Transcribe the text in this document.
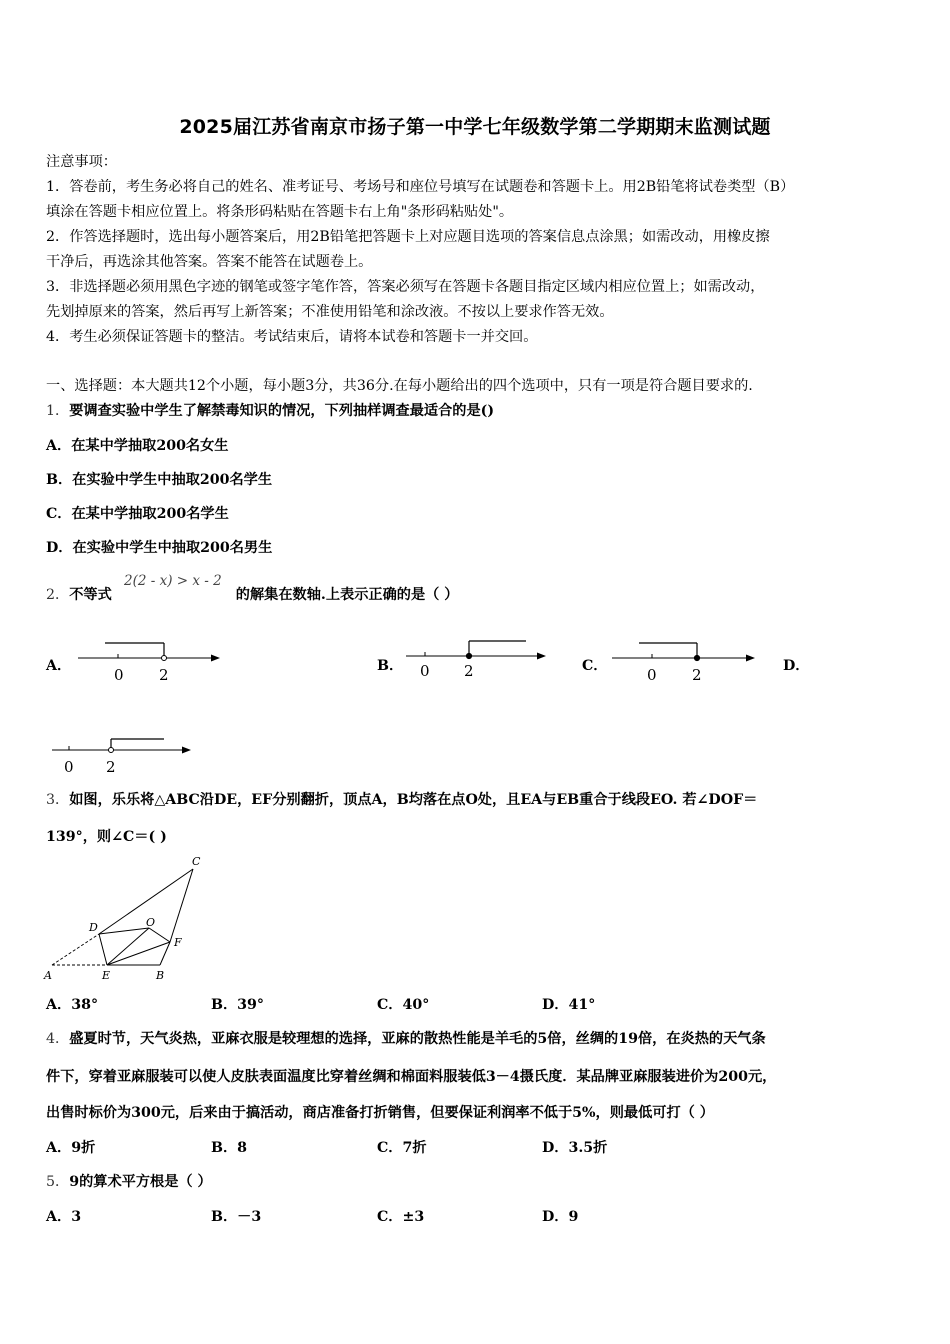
2025届江苏省南京市扬子第一中学七年级数学第二学期期末监测试题
注意事项：
1．答卷前，考生务必将自己的姓名、准考证号、考场号和座位号填写在试题卷和答题卡上。用2B铅笔将试卷类型（B）
填涂在答题卡相应位置上。将条形码粘贴在答题卡右上角"条形码粘贴处"。
2．作答选择题时，选出每小题答案后，用2B铅笔把答题卡上对应题目选项的答案信息点涂黑；如需改动，用橡皮擦
干净后，再选涂其他答案。答案不能答在试题卷上。
3．非选择题必须用黑色字迹的钢笔或签字笔作答，答案必须写在答题卡各题目指定区域内相应位置上；如需改动，
先划掉原来的答案，然后再写上新答案；不准使用铅笔和涂改液。不按以上要求作答无效。
4．考生必须保证答题卡的整洁。考试结束后，请将本试卷和答题卡一并交回。
一、选择题：本大题共12个小题，每小题3分，共36分.在每小题给出的四个选项中，只有一项是符合题目要求的.
1．要调查实验中学生了解禁毒知识的情况，下列抽样调查最适合的是()
A．在某中学抽取200名女生
B．在实验中学生中抽取200名学生
C．在某中学抽取200名学生
D．在实验中学生中抽取200名男生
2．不等式	的解集在数轴.上表示正确的是（ ）
2(2 - x) > x - 2
A．	B．	C．	D．
0 2	0 2	0 2
0 2
3．如图，乐乐将△ABC沿DE，EF分别翻折，顶点A，B均落在点O处，且EA与EB重合于线段EO. 若∠DOF＝
139°，则∠C＝( )
A	E	B
C
D	O
F
A．38°	B．39°	C．40°	D．41°
4．盛夏时节，天气炎热，亚麻衣服是较理想的选择，亚麻的散热性能是羊毛的5倍，丝绸的19倍，在炎热的天气条
件下，穿着亚麻服装可以使人皮肤表面温度比穿着丝绸和棉面料服装低3－4摄氏度．某品牌亚麻服装进价为200元，
出售时标价为300元，后来由于搞活动，商店准备打折销售，但要保证利润率不低于5%，则最低可打（ ）
A．9折	B．8	C．7折	D．3.5折
5．9的算术平方根是（ ）
A．3	B．－3	C．±3	D．9
